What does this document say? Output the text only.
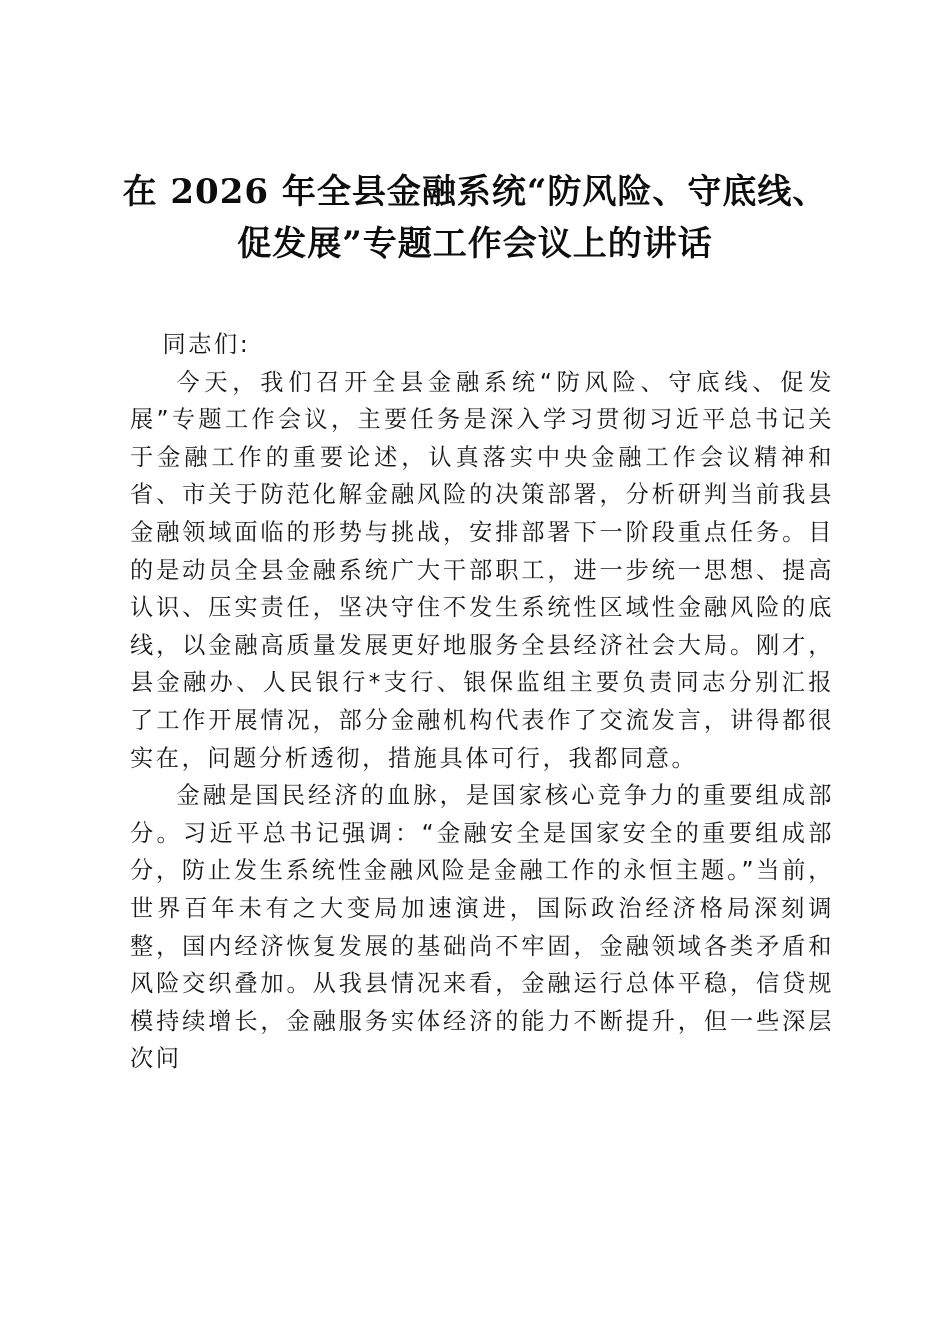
在 2026 年全县金融系统“防风险、守底线、
促发展”专题工作会议上的讲话

同志们:

今天，我们召开全县金融系统“防风险、守底线、促发展”专题工作会议，主要任务是深入学习贯彻习近平总书记关于金融工作的重要论述，认真落实中央金融工作会议精神和省、市关于防范化解金融风险的决策部署，分析研判当前我县金融领域面临的形势与挑战，安排部署下一阶段重点任务。目的是动员全县金融系统广大干部职工，进一步统一思想、提高认识、压实责任，坚决守住不发生系统性区域性金融风险的底线，以金融高质量发展更好地服务全县经济社会大局。刚才，县金融办、人民银行*支行、银保监组主要负责同志分别汇报了工作开展情况，部分金融机构代表作了交流发言，讲得都很实在，问题分析透彻，措施具体可行，我都同意。

金融是国民经济的血脉，是国家核心竞争力的重要组成部分。习近平总书记强调：“金融安全是国家安全的重要组成部分，防止发生系统性金融风险是金融工作的永恒主题。”当前，世界百年未有之大变局加速演进，国际政治经济格局深刻调整，国内经济恢复发展的基础尚不牢固，金融领域各类矛盾和风险交织叠加。从我县情况来看，金融运行总体平稳，信贷规模持续增长，金融服务实体经济的能力不断提升，但一些深层次问
